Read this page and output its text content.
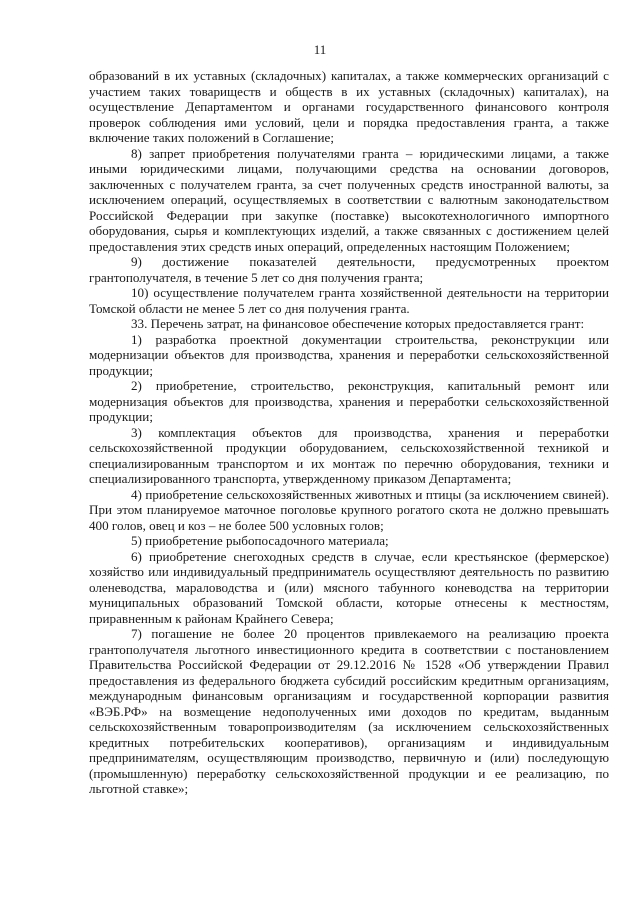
11

образований в их уставных (складочных) капиталах, а также коммерческих организаций с участием таких товариществ и обществ в их уставных (складочных) капиталах), на осуществление Департаментом и органами государственного финансового контроля проверок соблюдения ими условий, цели и порядка предоставления гранта, а также включение таких положений в Соглашение;

8) запрет приобретения получателями гранта – юридическими лицами, а также иными юридическими лицами, получающими средства на основании договоров, заключенных с получателем гранта, за счет полученных средств иностранной валюты, за исключением операций, осуществляемых в соответствии с валютным законодательством Российской Федерации при закупке (поставке) высокотехнологичного импортного оборудования, сырья и комплектующих изделий, а также связанных с достижением целей предоставления этих средств иных операций, определенных настоящим Положением;

9) достижение показателей деятельности, предусмотренных проектом грантополучателя, в течение 5 лет со дня получения гранта;

10) осуществление получателем гранта хозяйственной деятельности на территории Томской области не менее 5 лет со дня получения гранта.

33. Перечень затрат, на финансовое обеспечение которых предоставляется грант:

1) разработка проектной документации строительства, реконструкции или модернизации объектов для производства, хранения и переработки сельскохозяйственной продукции;

2) приобретение, строительство, реконструкция, капитальный ремонт или модернизация объектов для производства, хранения и переработки сельскохозяйственной продукции;

3) комплектация объектов для производства, хранения и переработки сельскохозяйственной продукции оборудованием, сельскохозяйственной техникой и специализированным транспортом и их монтаж по перечню оборудования, техники и специализированного транспорта, утвержденному приказом Департамента;

4) приобретение сельскохозяйственных животных и птицы (за исключением свиней). При этом планируемое маточное поголовье крупного рогатого скота не должно превышать 400 голов, овец и коз – не более 500 условных голов;

5) приобретение рыбопосадочного материала;

6) приобретение снегоходных средств в случае, если крестьянское (фермерское) хозяйство или индивидуальный предприниматель осуществляют деятельность по развитию оленеводства, мараловодства и (или) мясного табунного коневодства на территории муниципальных образований Томской области, которые отнесены к местностям, приравненным к районам Крайнего Севера;

7) погашение не более 20 процентов привлекаемого на реализацию проекта грантополучателя льготного инвестиционного кредита в соответствии с постановлением Правительства Российской Федерации от 29.12.2016 № 1528 «Об утверждении Правил предоставления из федерального бюджета субсидий российским кредитным организациям, международным финансовым организациям и государственной корпорации развития «ВЭБ.РФ» на возмещение недополученных ими доходов по кредитам, выданным сельскохозяйственным товаропроизводителям (за исключением сельскохозяйственных кредитных потребительских кооперативов), организациям и индивидуальным предпринимателям, осуществляющим производство, первичную и (или) последующую (промышленную) переработку сельскохозяйственной продукции и ее реализацию, по льготной ставке»;
